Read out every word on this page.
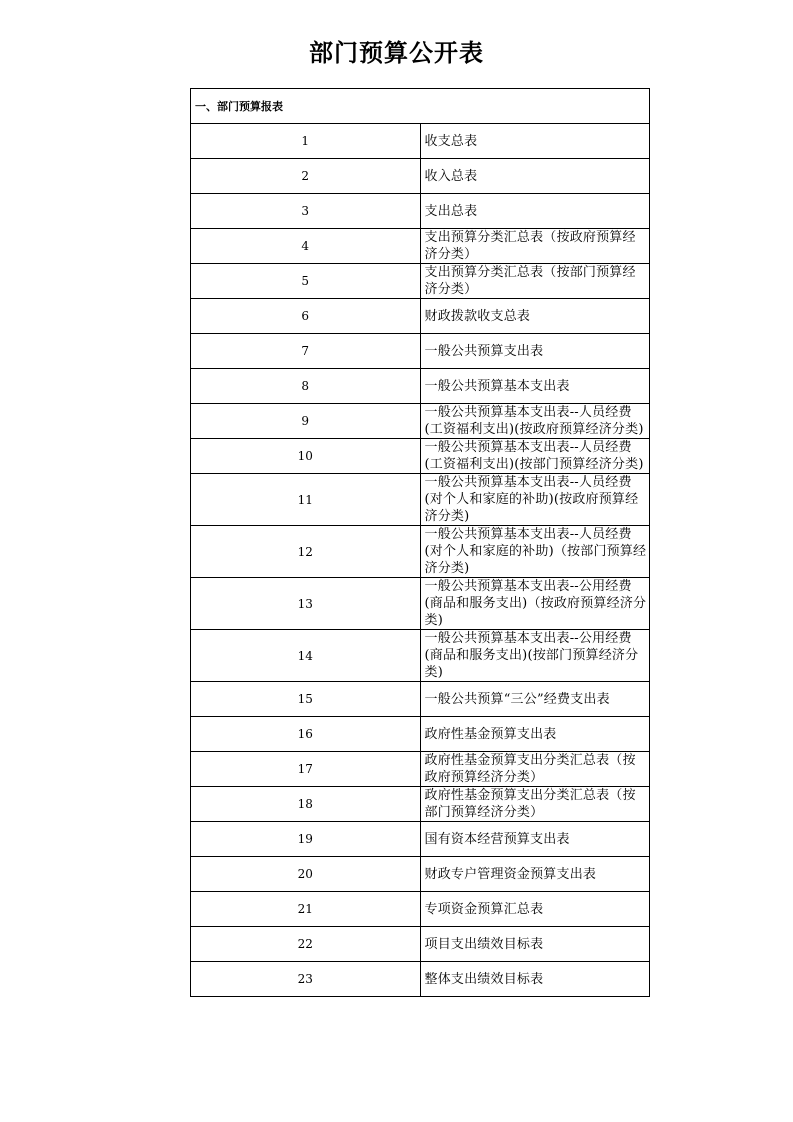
部门预算公开表
一、部门预算报表	
1	收支总表
2	收入总表
3	支出总表
4	支出预算分类汇总表（按政府预算经济分类）
5	支出预算分类汇总表（按部门预算经济分类）
6	财政拨款收支总表
7	一般公共预算支出表
8	一般公共预算基本支出表
9	一般公共预算基本支出表--人员经费(工资福利支出)(按政府预算经济分类)
10	一般公共预算基本支出表--人员经费(工资福利支出)(按部门预算经济分类)
11	一般公共预算基本支出表--人员经费(对个人和家庭的补助)(按政府预算经济分类)
12	一般公共预算基本支出表--人员经费(对个人和家庭的补助)（按部门预算经济分类)
13	一般公共预算基本支出表--公用经费(商品和服务支出)（按政府预算经济分类)
14	一般公共预算基本支出表--公用经费(商品和服务支出)(按部门预算经济分类)
15	一般公共预算“三公”经费支出表
16	政府性基金预算支出表
17	政府性基金预算支出分类汇总表（按政府预算经济分类）
18	政府性基金预算支出分类汇总表（按部门预算经济分类）
19	国有资本经营预算支出表
20	财政专户管理资金预算支出表
21	专项资金预算汇总表
22	项目支出绩效目标表
23	整体支出绩效目标表
